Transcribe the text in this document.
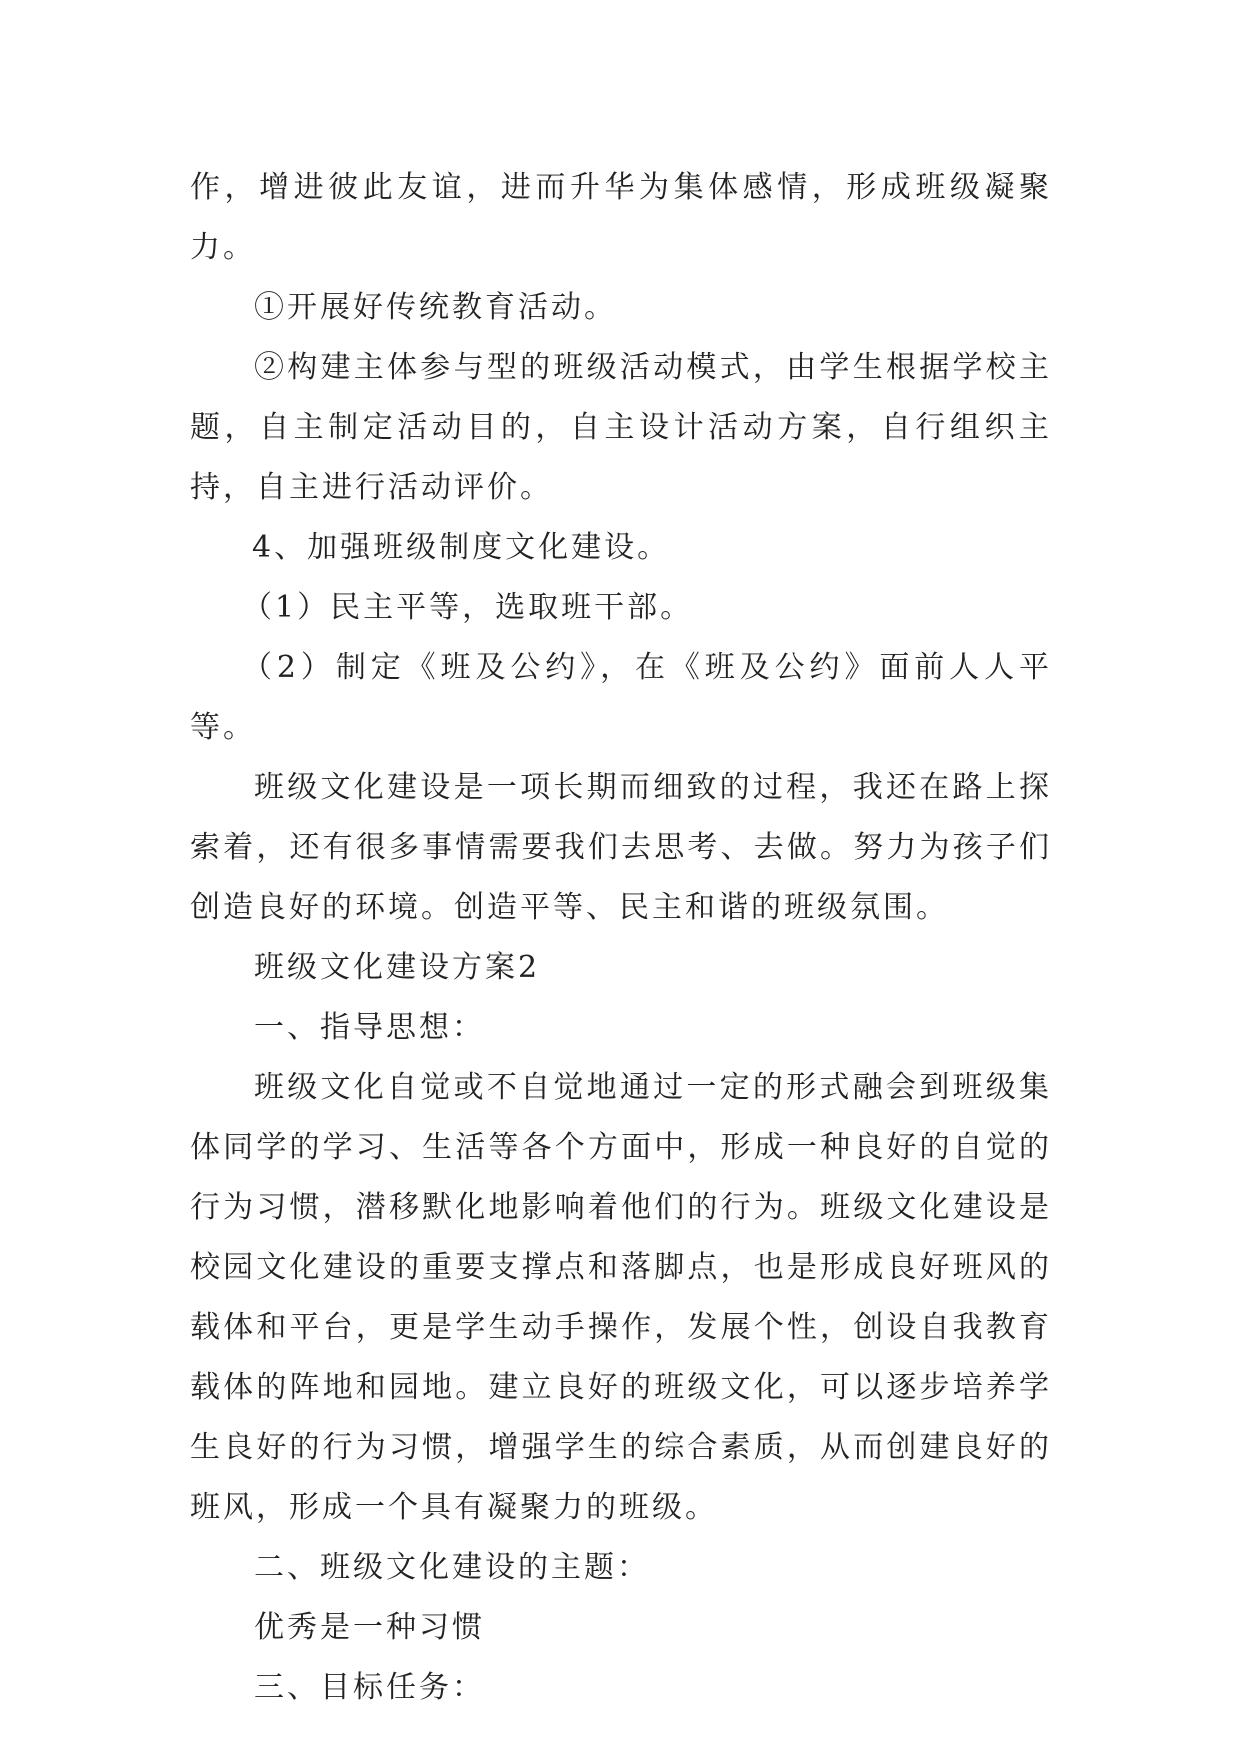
作，增进彼此友谊，进而升华为集体感情，形成班级凝聚力。

①开展好传统教育活动。

②构建主体参与型的班级活动模式，由学生根据学校主题，自主制定活动目的，自主设计活动方案，自行组织主持，自主进行活动评价。

4、加强班级制度文化建设。

（1）民主平等，选取班干部。

（2）制定《班及公约》，在《班及公约》面前人人平等。

班级文化建设是一项长期而细致的过程，我还在路上探索着，还有很多事情需要我们去思考、去做。努力为孩子们创造良好的环境。创造平等、民主和谐的班级氛围。

班级文化建设方案2

一、指导思想：

班级文化自觉或不自觉地通过一定的形式融会到班级集体同学的学习、生活等各个方面中，形成一种良好的自觉的行为习惯，潜移默化地影响着他们的行为。班级文化建设是校园文化建设的重要支撑点和落脚点，也是形成良好班风的载体和平台，更是学生动手操作，发展个性，创设自我教育载体的阵地和园地。建立良好的班级文化，可以逐步培养学生良好的行为习惯，增强学生的综合素质，从而创建良好的班风，形成一个具有凝聚力的班级。

二、班级文化建设的主题：

优秀是一种习惯

三、目标任务：
